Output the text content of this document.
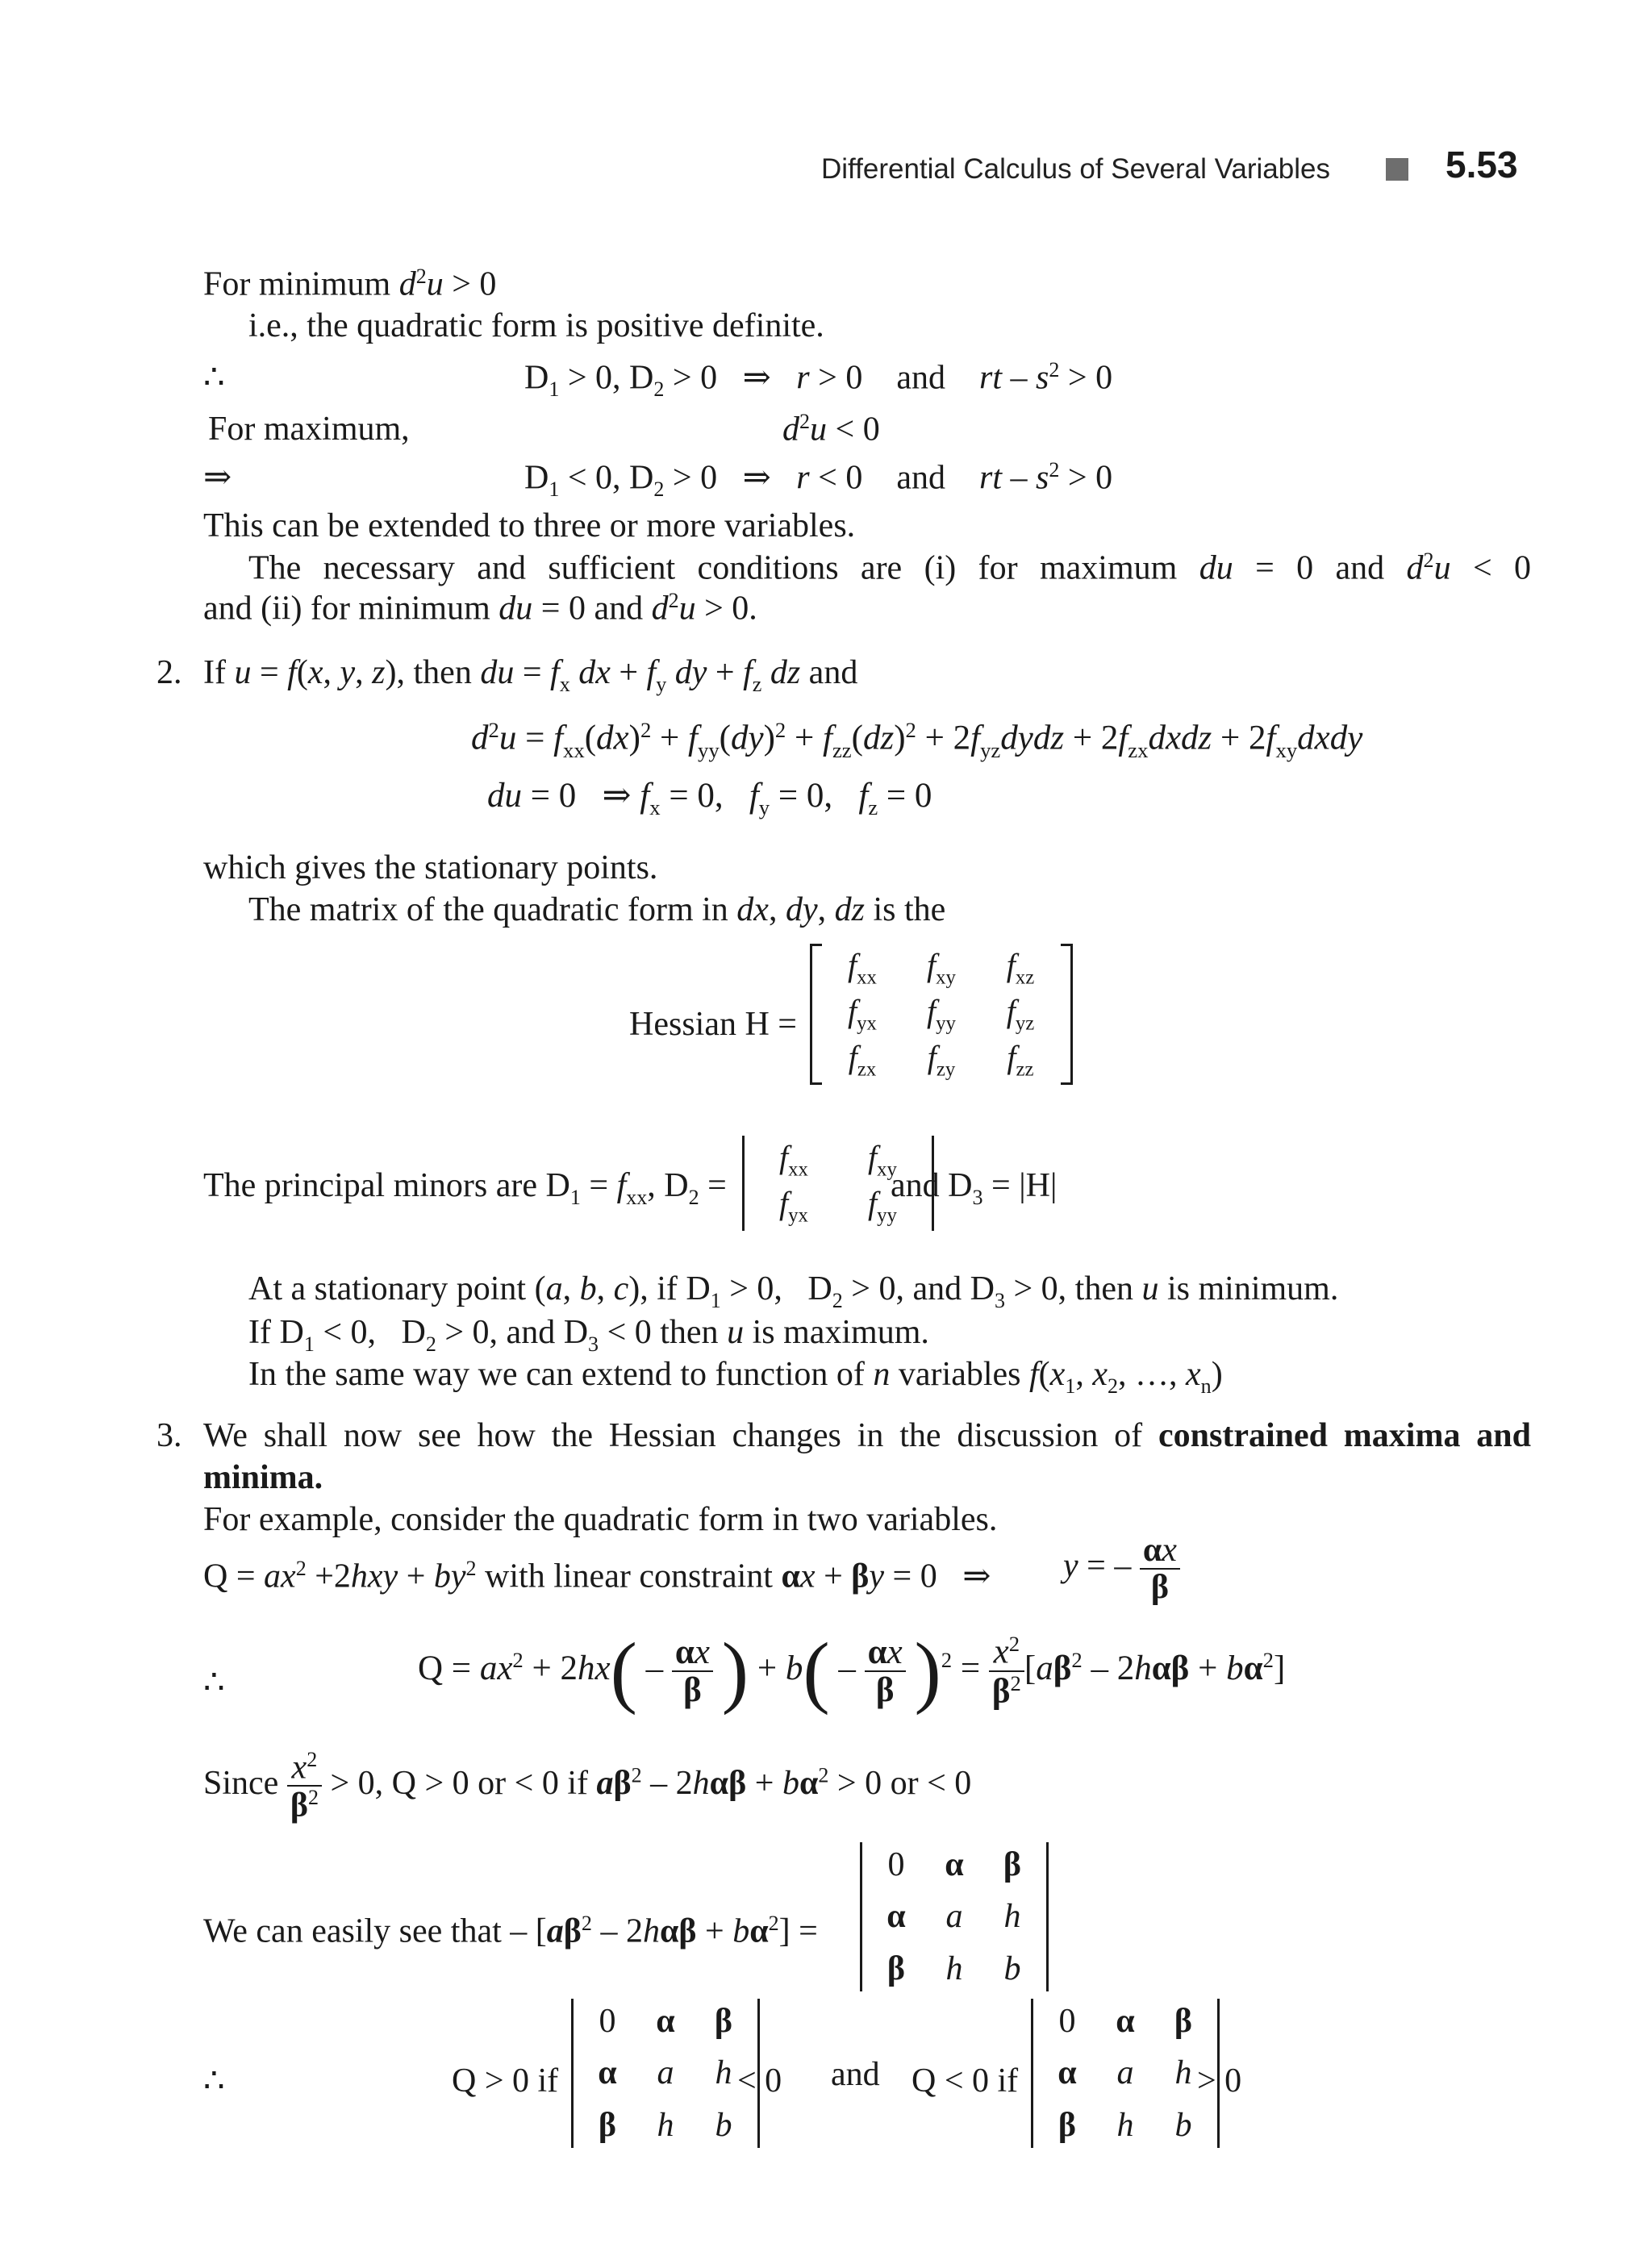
Differential Calculus of Several Variables	5.53
For minimum $d^2u > 0$
i.e., the quadratic form is positive definite.
∴	$D_1 > 0$, $D_2 > 0$   ⇒   r > 0    and rt – $s^2 > 0$
For maximum,	$d^2u < 0$
⇒	$D_1 < 0$, $D_2 > 0$   ⇒   r < 0    and rt – $s^2 > 0$
This can be extended to three or more variables.
The necessary and sufficient conditions are (i) for maximum du = 0 and $d^2u < 0$
and (ii) for minimum du = 0 and $d^2u > 0$.
2. If u = f(x, y, z), then du = $f_x$ dx + $f_y$ dy + $f_z$ dz and
$d^2u = f_{xx}(dx)^2 + f_{yy}(dy)^2 + f_{zz}(dz)^2$ + $2f_{yz}dydz$ + $2f_{zx}dxdz$ + $2f_{xy}dxdy$
du = 0   ⇒ $f_x = 0$,   $f_y = 0$,   $f_z = 0$
which gives the stationary points.
The matrix of the quadratic form in dx, dy, dz is the
Hessian H =
$f_{xx}$	$f_{xy}$	$f_{xz}$
$f_{yx}$	$f_{yy}$	$f_{yz}$
$f_{zx}$	$f_{zy}$	$f_{zz}$
The principal minors are $D_1 = f_{xx}$, $D_2$ =
$f_{xx}$	$f_{xy}$
$f_{yx}$	$f_{yy}$
and $D_3 = |H|$
At a stationary point (a, b, c), if $D_1 > 0$,   $D_2 > 0$, and $D_3 > 0$, then u is minimum.
If $D_1 < 0$,   $D_2 > 0$, and $D_3 < 0$ then u is maximum.
In the same way we can extend to function of n variables $f(x_1$, $x_2$, …, $x_n$)
3. We shall now see how the Hessian changes in the discussion of constrained maxima and
minima.
For example, consider the quadratic form in two variables.
$Q = ax^2 +2hxy + by^2$ with linear constraint αx + βy = 0   ⇒ y = – $\frac{\alpha x}{\beta}$
∴	$Q = ax^2 + 2hx( - \frac{\alpha x}{\beta}$ ) + $b( - \frac{\alpha x}{\beta} )^2 = \frac{x^2}{\beta^2} [a\beta^2 - 2h\alpha\beta + b\alpha^2]$
Since $\frac{x^2}{\beta^2} > 0$, Q > 0 or < 0 if $a\beta^2 - 2h\alpha\beta + b\alpha^2 > 0$ or < 0
We can easily see that – $[a\beta^2 - 2h\alpha\beta + b\alpha^2]$ =
0	α	β
α	a	h
β	h	b
∴	Q > 0 if
0	α	β
α	a	h
β	h	b
< 0 and Q < 0 if
0	α	β
α	a	h
β	h	b
> 0
